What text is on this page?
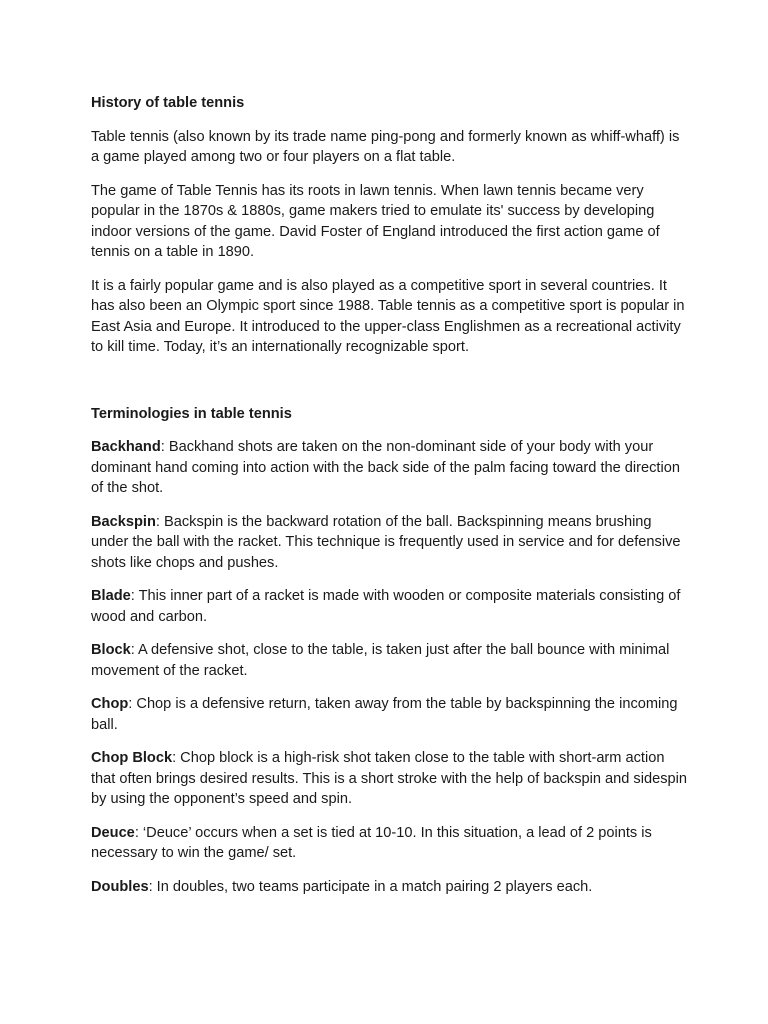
History of table tennis

Table tennis (also known by its trade name ping-pong and formerly known as whiff-whaff) is a game played among two or four players on a flat table.

The game of Table Tennis has its roots in lawn tennis. When lawn tennis became very popular in the 1870s & 1880s, game makers tried to emulate its' success by developing indoor versions of the game. David Foster of England introduced the first action game of tennis on a table in 1890.

It is a fairly popular game and is also played as a competitive sport in several countries. It has also been an Olympic sport since 1988. Table tennis as a competitive sport is popular in East Asia and Europe. It introduced to the upper-class Englishmen as a recreational activity to kill time. Today, it’s an internationally recognizable sport.

Terminologies in table tennis

Backhand: Backhand shots are taken on the non-dominant side of your body with your dominant hand coming into action with the back side of the palm facing toward the direction of the shot.

Backspin: Backspin is the backward rotation of the ball. Backspinning means brushing under the ball with the racket. This technique is frequently used in service and for defensive shots like chops and pushes.

Blade: This inner part of a racket is made with wooden or composite materials consisting of wood and carbon.

Block: A defensive shot, close to the table, is taken just after the ball bounce with minimal movement of the racket.

Chop: Chop is a defensive return, taken away from the table by backspinning the incoming ball.

Chop Block: Chop block is a high-risk shot taken close to the table with short-arm action that often brings desired results. This is a short stroke with the help of backspin and sidespin by using the opponent’s speed and spin.

Deuce: ‘Deuce’ occurs when a set is tied at 10-10. In this situation, a lead of 2 points is necessary to win the game/ set.

Doubles: In doubles, two teams participate in a match pairing 2 players each.
